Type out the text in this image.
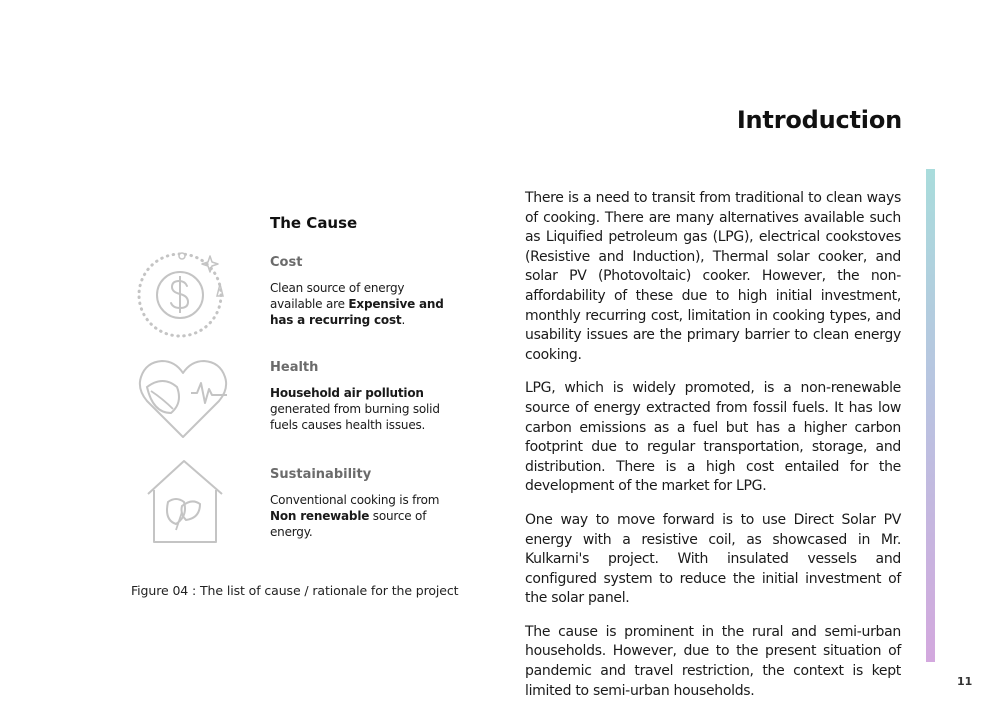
Introduction
The Cause
Cost
Clean source of energy available are Expensive and has a recurring cost.
Health
Household air pollution generated from burning solid fuels causes health issues.
Sustainability
Conventional cooking is from Non renewable source of energy.
Figure 04 : The list of cause / rationale for the project

There is a need to transit from traditional to clean ways of cooking. There are many alternatives available such as Liquified petroleum gas (LPG), electrical cookstoves (Resistive and Induction), Thermal solar cooker, and solar PV (Photovoltaic) cooker. However, the non-affordability of these due to high initial investment, monthly recurring cost, limitation in cooking types, and usability issues are the primary barrier to clean energy cooking.

LPG, which is widely promoted, is a non-renewable source of energy extracted from fossil fuels. It has low carbon emissions as a fuel but has a higher carbon footprint due to regular transportation, storage, and distribution. There is a high cost entailed for the development of the market for LPG.

One way to move forward is to use Direct Solar PV energy with a resistive coil, as showcased in Mr. Kulkarni's project. With insulated vessels and configured system to reduce the initial investment of the solar panel.

The cause is prominent in the rural and semi-urban households. However, due to the present situation of pandemic and travel restriction, the context is kept limited to semi-urban households.

11
